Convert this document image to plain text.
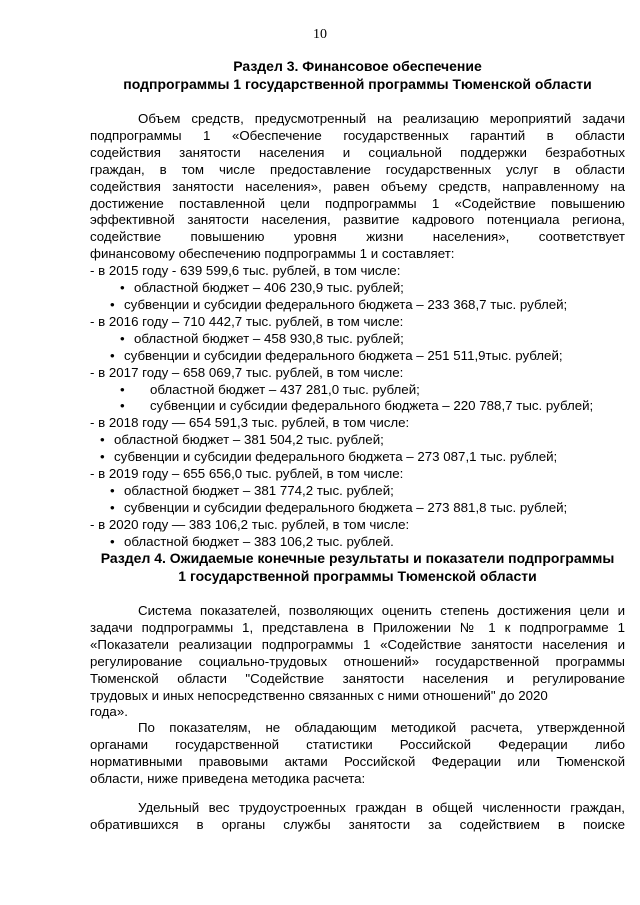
10
Раздел 3. Финансовое обеспечение
подпрограммы 1 государственной программы Тюменской области
Объем средств, предусмотренный на реализацию мероприятий задачи
подпрограммы 1 «Обеспечение государственных гарантий в области
содействия занятости населения и социальной поддержки безработных
граждан, в том числе предоставление государственных услуг в области
содействия занятости населения», равен объему средств, направленному на
достижение поставленной цели подпрограммы 1 «Содействие повышению
эффективной занятости населения, развитие кадрового потенциала региона,
содействие повышению уровня жизни населения», соответствует
финансовому обеспечению подпрограммы 1 и составляет:
- в 2015 году - 639 599,6 тыс. рублей, в том числе:
• областной бюджет – 406 230,9 тыс. рублей;
• субвенции и субсидии федерального бюджета – 233 368,7 тыс. рублей;
- в 2016 году – 710 442,7 тыс. рублей, в том числе:
• областной бюджет – 458 930,8 тыс. рублей;
• субвенции и субсидии федерального бюджета – 251 511,9тыс. рублей;
- в 2017 году – 658 069,7 тыс. рублей, в том числе:
• областной бюджет – 437 281,0 тыс. рублей;
• субвенции и субсидии федерального бюджета – 220 788,7 тыс. рублей;
- в 2018 году — 654 591,3 тыс. рублей, в том числе:
• областной бюджет – 381 504,2 тыс. рублей;
• субвенции и субсидии федерального бюджета – 273 087,1 тыс. рублей;
- в 2019 году – 655 656,0 тыс. рублей, в том числе:
• областной бюджет – 381 774,2 тыс. рублей;
• субвенции и субсидии федерального бюджета – 273 881,8 тыс. рублей;
- в 2020 году — 383 106,2 тыс. рублей, в том числе:
• областной бюджет – 383 106,2 тыс. рублей.
Раздел 4. Ожидаемые конечные результаты и показатели подпрограммы
1 государственной программы Тюменской области
Система показателей, позволяющих оценить степень достижения цели и
задачи подпрограммы 1, представлена в Приложении № 1 к подпрограмме 1
«Показатели реализации подпрограммы 1 «Содействие занятости населения и
регулирование социально-трудовых отношений» государственной программы
Тюменской области "Содействие занятости населения и регулирование
трудовых и иных непосредственно связанных с ними отношений" до 2020
года».
По показателям, не обладающим методикой расчета, утвержденной
органами государственной статистики Российской Федерации либо
нормативными правовыми актами Российской Федерации или Тюменской
области, ниже приведена методика расчета:
Удельный вес трудоустроенных граждан в общей численности граждан,
обратившихся в органы службы занятости за содействием в поиске
